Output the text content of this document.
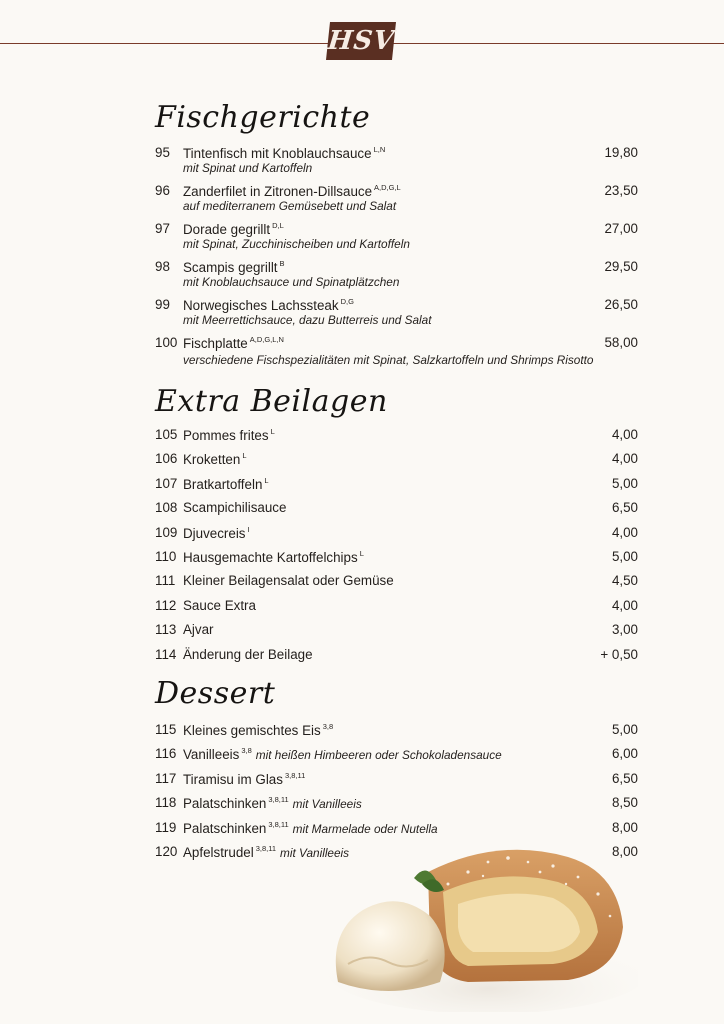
HSV
Fischgerichte
95 Tintenfisch mit Knoblauchsauce $^{L,N}$
mit Spinat und Kartoffeln
19,80
96 Zanderfilet in Zitronen-Dillsauce $^{A,D,G,L}$
auf mediterranem Gemüsebett und Salat
23,50
97 Dorade gegrillt $^{D,L}$
mit Spinat, Zucchinischeiben und Kartoffeln
27,00
98 Scampis gegrillt $^B$
mit Knoblauchsauce und Spinatplätzchen
29,50
99 Norwegisches Lachssteak $^{D,G}$
mit Meerrettichsauce, dazu Butterreis und Salat
26,50
100 Fischplatte $^{A,D,G,L,N}$
verschiedene Fischspezialitäten mit Spinat, Salzkartoffeln und Shrimps Risotto
58,00
Extra Beilagen
105 Pommes frites $^L$	4,00
106 Kroketten $^L$	4,00
107 Bratkartoffeln $^L$	5,00
108 Scampichilisauce	6,50
109 Djuvecreis $^I$	4,00
110 Hausgemachte Kartoffelchips $^L$	5,00
111 Kleiner Beilagensalat oder Gemüse	4,50
112 Sauce Extra	4,00
113 Ajvar	3,00
114 Änderung der Beilage	+ 0,50
Dessert
115 Kleines gemischtes Eis $^{3,8}$	5,00
116 Vanilleeis $^{3,8}$ mit heißen Himbeeren oder Schokoladensauce	6,00
117 Tiramisu im Glas $^{3,8,11}$	6,50
118 Palatschinken $^{3,8,11}$ mit Vanilleeis	8,50
119 Palatschinken $^{3,8,11}$ mit Marmelade oder Nutella	8,00
120 Apfelstrudel $^{3,8,11}$ mit Vanilleeis	8,00
